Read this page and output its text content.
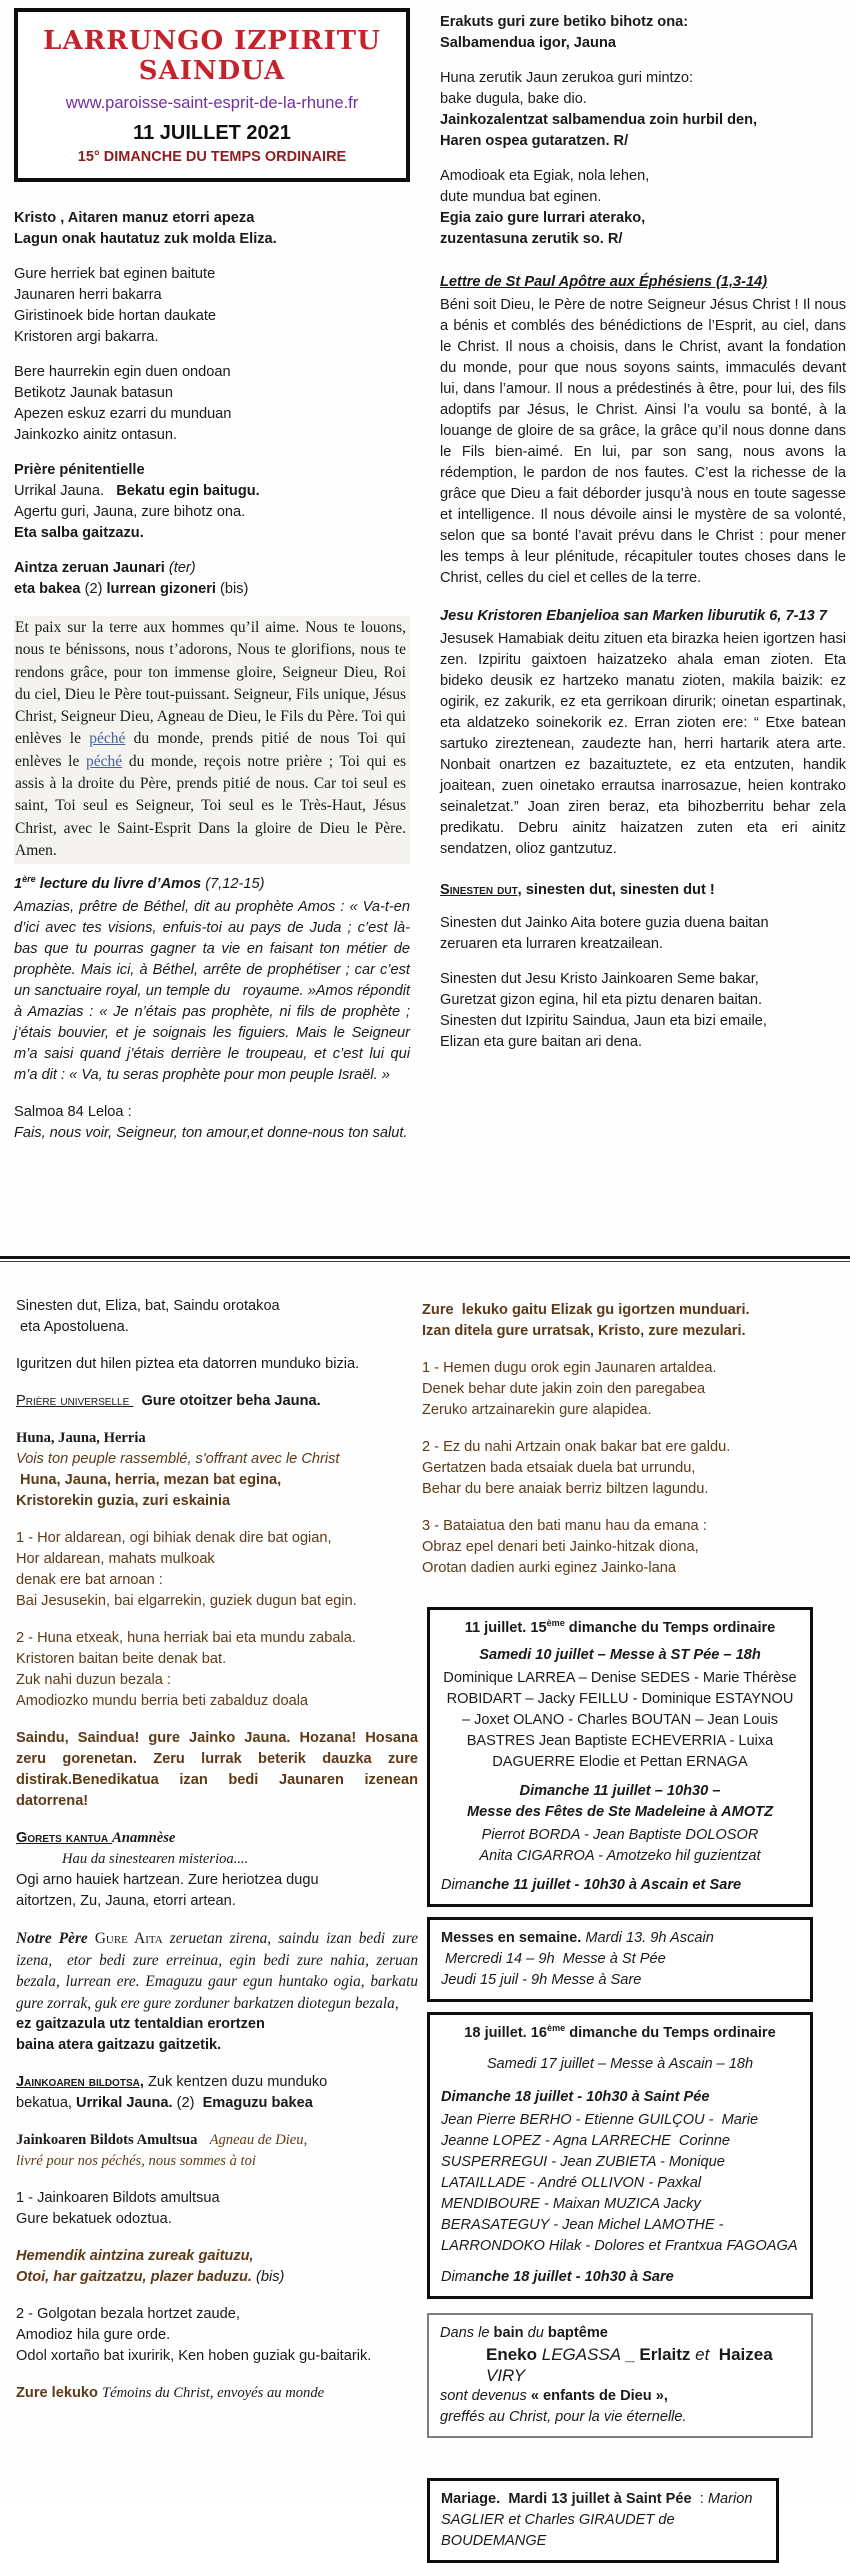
LARRUNGO IZPIRITU SAINDUA
www.paroisse-saint-esprit-de-la-rhune.fr
11 JUILLET 2021
15° DIMANCHE DU TEMPS ORDINAIRE
Kristo , Aitaren manuz etorri apeza
Lagun onak hautatuz zuk molda Eliza.
Gure herriek bat eginen baitute
Jaunaren herri bakarra
Giristinoek bide hortan daukate
Kristoren argi bakarra.
Bere haurrekin egin duen ondoan
Betikotz Jaunak batasun
Apezen eskuz ezarri du munduan
Jainkozko ainitz ontasun.
Prière pénitentielle
Urrikal Jauna.   Bekatu egin baitugu.
Agertu guri, Jauna, zure bihotz ona.
Eta salba gaitzazu.
Aintza zeruan Jaunari (ter)
eta bakea (2) lurrean gizoneri (bis)
Et paix sur la terre aux hommes qu’il aime. Nous te louons, nous te bénissons, nous t’adorons, Nous te glorifions, nous te rendons grâce, pour ton immense gloire, Seigneur Dieu, Roi du ciel, Dieu le Père tout-puissant. Seigneur, Fils unique, Jésus Christ, Seigneur Dieu, Agneau de Dieu, le Fils du Père. Toi qui enlèves le péché du monde, prends pitié de nous Toi qui enlèves le péché du monde, reçois notre prière ; Toi qui es assis à la droite du Père, prends pitié de nous. Car toi seul es saint, Toi seul es Seigneur, Toi seul es le Très-Haut, Jésus Christ, avec le Saint-Esprit Dans la gloire de Dieu le Père. Amen.
1ère lecture du livre d’Amos (7,12-15)
Amazias, prêtre de Béthel, dit au prophète Amos : « Va-t-en d’ici avec tes visions, enfuis-toi au pays de Juda ; c’est là-bas que tu pourras gagner ta vie en faisant ton métier de prophète. Mais ici, à Béthel, arrête de prophétiser ; car c’est un sanctuaire royal, un temple du   royaume. »Amos répondit à Amazias : « Je n’étais pas prophète, ni fils de prophète ; j’étais bouvier, et je soignais les figuiers. Mais le Seigneur m’a saisi quand j’étais derrière le troupeau, et c’est lui qui m’a dit : « Va, tu seras prophète pour mon peuple Israël. »
Salmoa 84 Leloa :
Fais, nous voir, Seigneur, ton amour,et donne-nous ton salut.
Erakuts guri zure betiko bihotz ona:
Salbamendua igor, Jauna
Huna zerutik Jaun zerukoa guri mintzo:
bake dugula, bake dio.
Jainkozalentzat salbamendua zoin hurbil den,
Haren ospea gutaratzen. R/
Amodioak eta Egiak, nola lehen,
dute mundua bat eginen.
Egia zaio gure lurrari aterako,
zuzentasuna zerutik so. R/
Lettre de St Paul Apôtre aux Éphésiens (1,3-14)
Béni soit Dieu, le Père de notre Seigneur Jésus Christ ! Il nous a bénis et comblés des bénédictions de l’Esprit, au ciel, dans le Christ. Il nous a choisis, dans le Christ, avant la fondation du monde, pour que nous soyons saints, immaculés devant lui, dans l’amour. Il nous a prédestinés à être, pour lui, des fils adoptifs par Jésus, le Christ. Ainsi l’a voulu sa bonté, à la louange de gloire de sa grâce, la grâce qu’il nous donne dans le Fils bien-aimé. En lui, par son sang, nous avons la rédemption, le pardon de nos fautes. C’est la richesse de la grâce que Dieu a fait déborder jusqu’à nous en toute sagesse et intelligence. Il nous dévoile ainsi le mystère de sa volonté, selon que sa bonté l’avait prévu dans le Christ : pour mener les temps à leur plénitude, récapituler toutes choses dans le Christ, celles du ciel et celles de la terre.
Jesu Kristoren Ebanjelioa san Marken liburutik 6, 7-13 7
Jesusek Hamabiak deitu zituen eta birazka heien igortzen hasi zen. Izpiritu gaixtoen haizatzeko ahala eman zioten. Eta bideko deusik ez hartzeko manatu zioten, makila baizik: ez ogirik, ez zakurik, ez eta gerrikoan dirurik; oinetan espartinak, eta aldatzeko soinekorik ez. Erran zioten ere: “ Etxe batean sartuko zireztenean, zaudezte han, herri hartarik atera arte. Nonbait onartzen ez bazaituztete, ez eta entzuten, handik joaitean, zuen oinetako errautsa inarrosazue, heien kontrako seinaletzat.” Joan ziren beraz, eta bihozberritu behar zela predikatu. Debru ainitz haizatzen zuten eta eri ainitz sendatzen, olioz gantzutuz.
Sinesten dut, sinesten dut, sinesten dut !
Sinesten dut Jainko Aita botere guzia duena baitan
zeruaren eta lurraren kreatzailean.
Sinesten dut Jesu Kristo Jainkoaren Seme bakar,
Guretzat gizon egina, hil eta piztu denaren baitan.
Sinesten dut Izpiritu Saindua, Jaun eta bizi emaile,
Elizan eta gure baitan ari dena.
Sinesten dut, Eliza, bat, Saindu orotakoa
eta Apostoluena.
Iguritzen dut hilen piztea eta datorren munduko bizia.
Prière universelle   Gure otoitzer beha Jauna.
Huna, Jauna, Herria
Vois ton peuple rassemblé, s'offrant avec le Christ
Huna, Jauna, herria, mezan bat egina,
Kristorekin guzia, zuri eskainia
1 - Hor aldarean, ogi bihiak denak dire bat ogian,
Hor aldarean, mahats mulkoak
denak ere bat arnoan :
Bai Jesusekin, bai elgarrekin, guziek dugun bat egin.
2 - Huna etxeak, huna herriak bai eta mundu zabala.
Kristoren baitan beite denak bat.
Zuk nahi duzun bezala :
Amodiozko mundu berria beti zabalduz doala
Saindu, Saindua! gure Jainko Jauna. Hozana! Hosana zeru gorenetan. Zeru lurrak beterik dauzka zure distirak.Benedikatua izan bedi Jaunaren izenean datorrena!
Gorets kantua Anamnèse
Hau da sinestearen misterioa....
Ogi arno hauiek hartzean. Zure heriotzea dugu
aitortzen, Zu, Jauna, etorri artean.
Notre Père Gure Aita zeruetan zirena, saindu izan bedi zure izena,  etor bedi zure erreinua, egin bedi zure nahia, zeruan bezala, lurrean ere. Emaguzu gaur egun huntako ogia, barkatu gure zorrak, guk ere gure zorduner barkatzen diotegun bezala,
ez gaitzazula utz tentaldian erortzen
baina atera gaitzazu gaitzetik.
Jainkoaren bildotsa, Zuk kentzen duzu munduko
bekatua, Urrikal Jauna. (2)  Emaguzu bakea
Jainkoaren Bildots Amultsua Agneau de Dieu,
livré pour nos péchés, nous sommes à toi
1 - Jainkoaren Bildots amultsua
Gure bekatuek odoztua.
Hemendik aintzina zureak gaituzu,
Otoi, har gaitzatzu, plazer baduzu. (bis)
2 - Golgotan bezala hortzet zaude,
Amodioz hila gure orde.
Odol xortaño bat ixuririk, Ken hoben guziak gu-baitarik.
Zure lekuko Témoins du Christ, envoyés au monde
Zure  lekuko gaitu Elizak gu igortzen munduari.
Izan ditela gure urratsak, Kristo, zure mezulari.
1 - Hemen dugu orok egin Jaunaren artaldea.
Denek behar dute jakin zoin den paregabea
Zeruko artzainarekin gure alapidea.
2 - Ez du nahi Artzain onak bakar bat ere galdu.
Gertatzen bada etsaiak duela bat urrundu,
Behar du bere anaiak berriz biltzen lagundu.
3 - Bataiatua den bati manu hau da emana :
Obraz epel denari beti Jainko-hitzak diona,
Orotan dadien aurki eginez Jainko-lana
11 juillet. 15ème dimanche du Temps ordinaire
Samedi 10 juillet – Messe à ST Pée – 18h
Dominique LARREA – Denise SEDES - Marie Thérèse ROBIDART – Jacky FEILLU - Dominique ESTAYNOU – Joxet OLANO - Charles BOUTAN – Jean Louis BASTRES Jean Baptiste ECHEVERRIA - Luixa DAGUERRE Elodie et Pettan ERNAGA
Dimanche 11 juillet – 10h30 –
Messe des Fêtes de Ste Madeleine à AMOTZ
Pierrot BORDA - Jean Baptiste DOLOSOR
Anita CIGARROA - Amotzeko hil guzientzat
Dimanche 11 juillet - 10h30 à Ascain et Sare
Messes en semaine. Mardi 13. 9h Ascain
Mercredi 14 – 9h  Messe à St Pée
Jeudi 15 juil - 9h Messe à Sare
18 juillet. 16ème dimanche du Temps ordinaire
Samedi 17 juillet – Messe à Ascain – 18h
Dimanche 18 juillet - 10h30 à Saint Pée
Jean Pierre BERHO - Etienne GUILÇOU -  Marie Jeanne LOPEZ - Agna LARRECHE  Corinne SUSPERREGUI - Jean ZUBIETA - Monique LATAILLADE - André OLLIVON - Paxkal MENDIBOURE - Maixan MUZICA Jacky BERASATEGUY - Jean Michel LAMOTHE - LARRONDOKO Hilak - Dolores et Frantxua FAGOAGA
Dimanche 18 juillet - 10h30 à Sare
Dans le bain du baptême
Eneko LEGASSA _ Erlaitz et  Haizea VIRY
sont devenus « enfants de Dieu »,
greffés au Christ, pour la vie éternelle.
Mariage.  Mardi 13 juillet à Saint Pée  : Marion
SAGLIER et Charles GIRAUDET de BOUDEMANGE
